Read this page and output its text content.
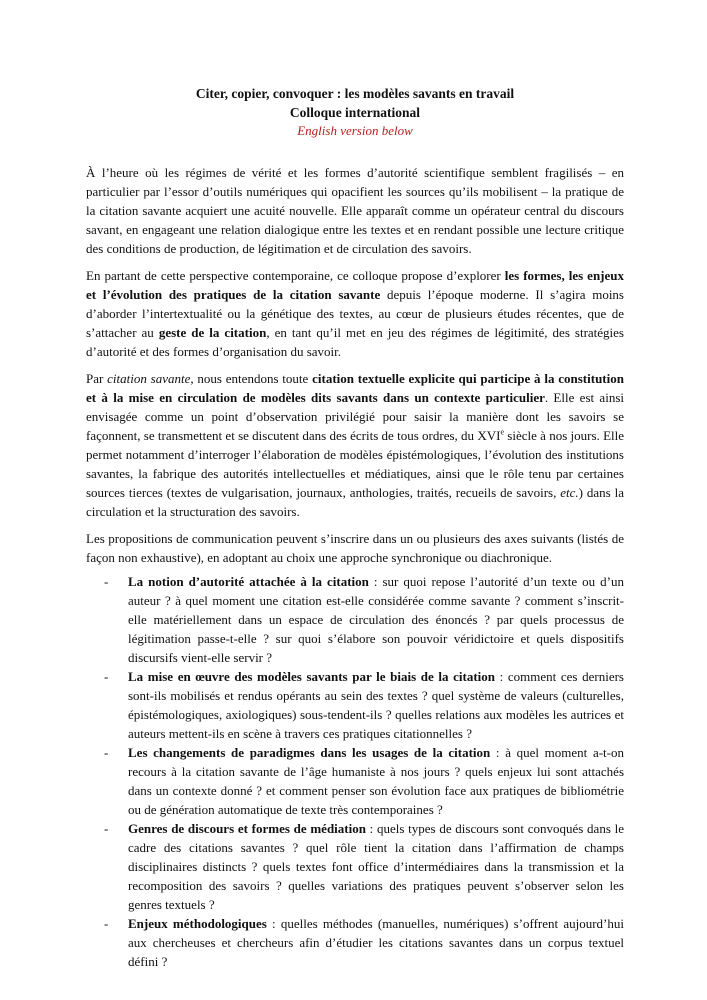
Citer, copier, convoquer : les modèles savants en travail
Colloque international
English version below

À l’heure où les régimes de vérité et les formes d’autorité scientifique semblent fragilisés – en particulier par l’essor d’outils numériques qui opacifient les sources qu’ils mobilisent – la pratique de la citation savante acquiert une acuité nouvelle. Elle apparaît comme un opérateur central du discours savant, en engageant une relation dialogique entre les textes et en rendant possible une lecture critique des conditions de production, de légitimation et de circulation des savoirs.

En partant de cette perspective contemporaine, ce colloque propose d’explorer les formes, les enjeux et l’évolution des pratiques de la citation savante depuis l’époque moderne. Il s’agira moins d’aborder l’intertextualité ou la génétique des textes, au cœur de plusieurs études récentes, que de s’attacher au geste de la citation, en tant qu’il met en jeu des régimes de légitimité, des stratégies d’autorité et des formes d’organisation du savoir.

Par citation savante, nous entendons toute citation textuelle explicite qui participe à la constitution et à la mise en circulation de modèles dits savants dans un contexte particulier. Elle est ainsi envisagée comme un point d’observation privilégié pour saisir la manière dont les savoirs se façonnent, se transmettent et se discutent dans des écrits de tous ordres, du XVIe siècle à nos jours. Elle permet notamment d’interroger l’élaboration de modèles épistémologiques, l’évolution des institutions savantes, la fabrique des autorités intellectuelles et médiatiques, ainsi que le rôle tenu par certaines sources tierces (textes de vulgarisation, journaux, anthologies, traités, recueils de savoirs, etc.) dans la circulation et la structuration des savoirs.

Les propositions de communication peuvent s’inscrire dans un ou plusieurs des axes suivants (listés de façon non exhaustive), en adoptant au choix une approche synchronique ou diachronique.

- La notion d’autorité attachée à la citation : sur quoi repose l’autorité d’un texte ou d’un auteur ? à quel moment une citation est-elle considérée comme savante ? comment s’inscrit-elle matériellement dans un espace de circulation des énoncés ? par quels processus de légitimation passe-t-elle ? sur quoi s’élabore son pouvoir véridictoire et quels dispositifs discursifs vient-elle servir ?
- La mise en œuvre des modèles savants par le biais de la citation : comment ces derniers sont-ils mobilisés et rendus opérants au sein des textes ? quel système de valeurs (culturelles, épistémologiques, axiologiques) sous-tendent-ils ? quelles relations aux modèles les autrices et auteurs mettent-ils en scène à travers ces pratiques citationnelles ?
- Les changements de paradigmes dans les usages de la citation : à quel moment a-t-on recours à la citation savante de l’âge humaniste à nos jours ? quels enjeux lui sont attachés dans un contexte donné ? et comment penser son évolution face aux pratiques de bibliométrie ou de génération automatique de texte très contemporaines ?
- Genres de discours et formes de médiation : quels types de discours sont convoqués dans le cadre des citations savantes ? quel rôle tient la citation dans l’affirmation de champs disciplinaires distincts ? quels textes font office d’intermédiaires dans la transmission et la recomposition des savoirs ? quelles variations des pratiques peuvent s’observer selon les genres textuels ?
- Enjeux méthodologiques : quelles méthodes (manuelles, numériques) s’offrent aujourd’hui aux chercheuses et chercheurs afin d’étudier les citations savantes dans un corpus textuel défini ?
